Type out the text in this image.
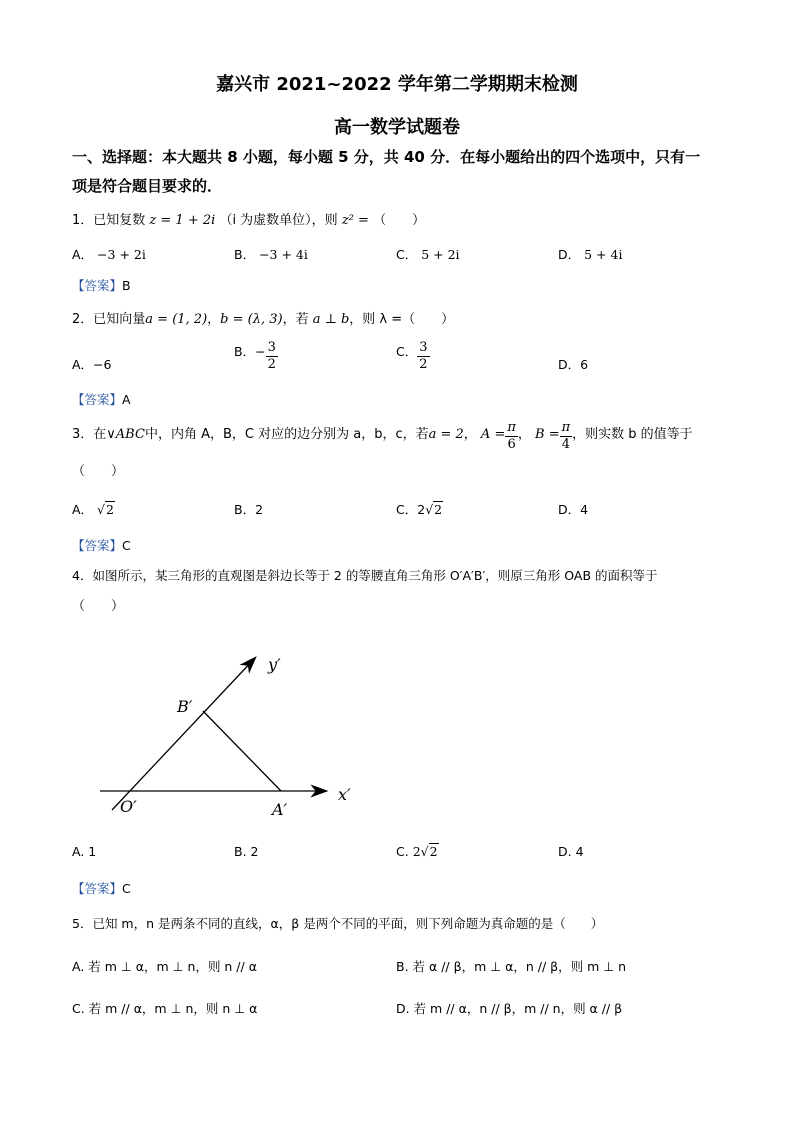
嘉兴市 2021~2022 学年第二学期期末检测
高一数学试题卷
一、选择题：本大题共 8 小题，每小题 5 分，共 40 分．在每小题给出的四个选项中，只有一
项是符合题目要求的．
1．已知复数 z = 1 + 2i （i 为虚数单位），则 z² = （　　）
A． −3 + 2i	B． −3 + 4i	C． 5 + 2i	D． 5 + 4i
【答案】B
2．已知向量a = (1, 2)，b = (λ, 3)，若 a ⊥ b，则 λ =（　　）
A．−6
B．− $\frac{3}{2}$	C． $\frac{3}{2}$	D．6
【答案】A
3．在∨ABC中，内角 A，B，C 对应的边分别为 a，b，c，若a = 2， $A = \frac{\pi}{6}$ ， $B = \frac{\pi}{4}$ ，则实数 b 的值等于
（　　）
A． √2	B．2	C．2√2	D．4
【答案】C
4．如图所示，某三角形的直观图是斜边长等于 2 的等腰直角三角形 O′A′B′，则原三角形 OAB 的面积等于
（　　）
y′
x′
B′
O′	A′
A. 1	B. 2	C. 2√2	D. 4
【答案】C
5．已知 m，n 是两条不同的直线，α，β 是两个不同的平面，则下列命题为真命题的是（　　）
A. 若 m ⊥ α，m ⊥ n，则 n // α	B. 若 α // β，m ⊥ α，n // β，则 m ⊥ n
C. 若 m // α，m ⊥ n，则 n ⊥ α	D. 若 m // α，n // β，m // n，则 α // β
